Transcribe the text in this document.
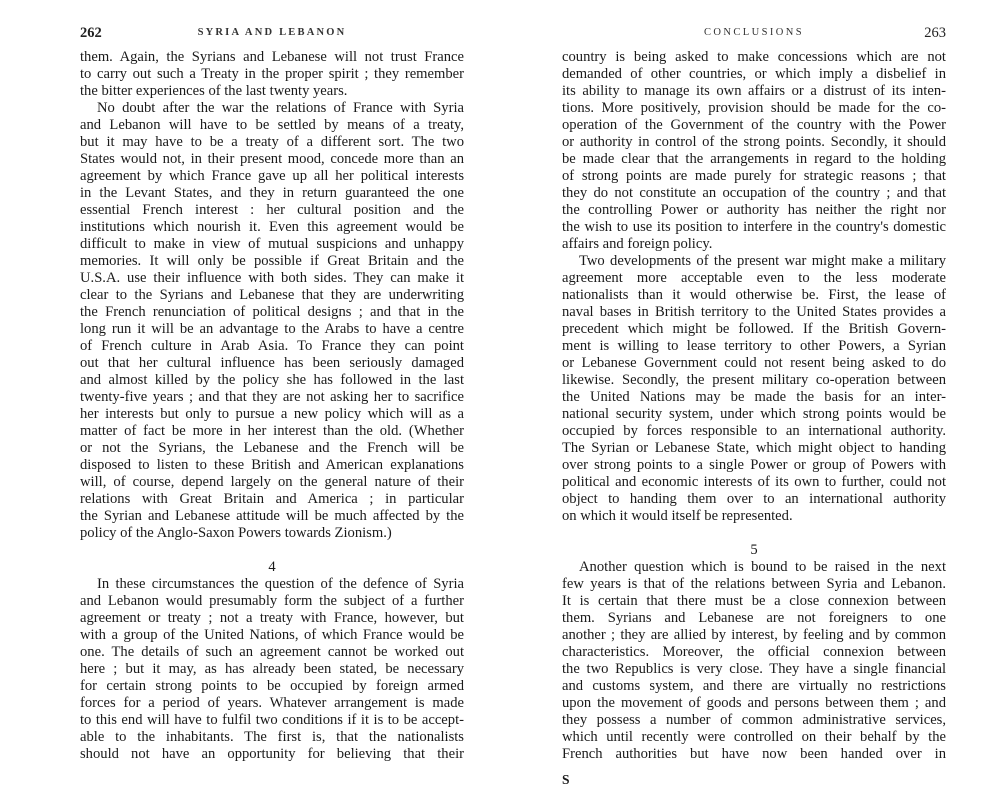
262	SYRIA AND LEBANON
them. Again, the Syrians and Lebanese will not trust France
to carry out such a Treaty in the proper spirit ; they remember
the bitter experiences of the last twenty years.
No doubt after the war the relations of France with Syria
and Lebanon will have to be settled by means of a treaty,
but it may have to be a treaty of a different sort. The two
States would not, in their present mood, concede more than an
agreement by which France gave up all her political interests
in the Levant States, and they in return guaranteed the one
essential French interest : her cultural position and the
institutions which nourish it. Even this agreement would be
difficult to make in view of mutual suspicions and unhappy
memories. It will only be possible if Great Britain and the
U.S.A. use their influence with both sides. They can make it
clear to the Syrians and Lebanese that they are underwriting
the French renunciation of political designs ; and that in the
long run it will be an advantage to the Arabs to have a centre
of French culture in Arab Asia. To France they can point
out that her cultural influence has been seriously damaged
and almost killed by the policy she has followed in the last
twenty-five years ; and that they are not asking her to sacrifice
her interests but only to pursue a new policy which will as a
matter of fact be more in her interest than the old. (Whether
or not the Syrians, the Lebanese and the French will be
disposed to listen to these British and American explanations
will, of course, depend largely on the general nature of their
relations with Great Britain and America ; in particular
the Syrian and Lebanese attitude will be much affected by the
policy of the Anglo-Saxon Powers towards Zionism.)
4
In these circumstances the question of the defence of Syria
and Lebanon would presumably form the subject of a further
agreement or treaty ; not a treaty with France, however, but
with a group of the United Nations, of which France would be
one. The details of such an agreement cannot be worked out
here ; but it may, as has already been stated, be necessary
for certain strong points to be occupied by foreign armed
forces for a period of years. Whatever arrangement is made
to this end will have to fulfil two conditions if it is to be accept-
able to the inhabitants. The first is, that the nationalists
should not have an opportunity for believing that their
CONCLUSIONS	263
country is being asked to make concessions which are not
demanded of other countries, or which imply a disbelief in
its ability to manage its own affairs or a distrust of its inten-
tions. More positively, provision should be made for the co-
operation of the Government of the country with the Power
or authority in control of the strong points. Secondly, it should
be made clear that the arrangements in regard to the holding
of strong points are made purely for strategic reasons ; that
they do not constitute an occupation of the country ; and that
the controlling Power or authority has neither the right nor
the wish to use its position to interfere in the country's domestic
affairs and foreign policy.
Two developments of the present war might make a military
agreement more acceptable even to the less moderate
nationalists than it would otherwise be. First, the lease of
naval bases in British territory to the United States provides a
precedent which might be followed. If the British Govern-
ment is willing to lease territory to other Powers, a Syrian
or Lebanese Government could not resent being asked to do
likewise. Secondly, the present military co-operation between
the United Nations may be made the basis for an inter-
national security system, under which strong points would be
occupied by forces responsible to an international authority.
The Syrian or Lebanese State, which might object to handing
over strong points to a single Power or group of Powers with
political and economic interests of its own to further, could not
object to handing them over to an international authority
on which it would itself be represented.
5
Another question which is bound to be raised in the next
few years is that of the relations between Syria and Lebanon.
It is certain that there must be a close connexion between
them. Syrians and Lebanese are not foreigners to one
another ; they are allied by interest, by feeling and by common
characteristics. Moreover, the official connexion between
the two Republics is very close. They have a single financial
and customs system, and there are virtually no restrictions
upon the movement of goods and persons between them ; and
they possess a number of common administrative services,
which until recently were controlled on their behalf by the
French authorities but have now been handed over in
S
